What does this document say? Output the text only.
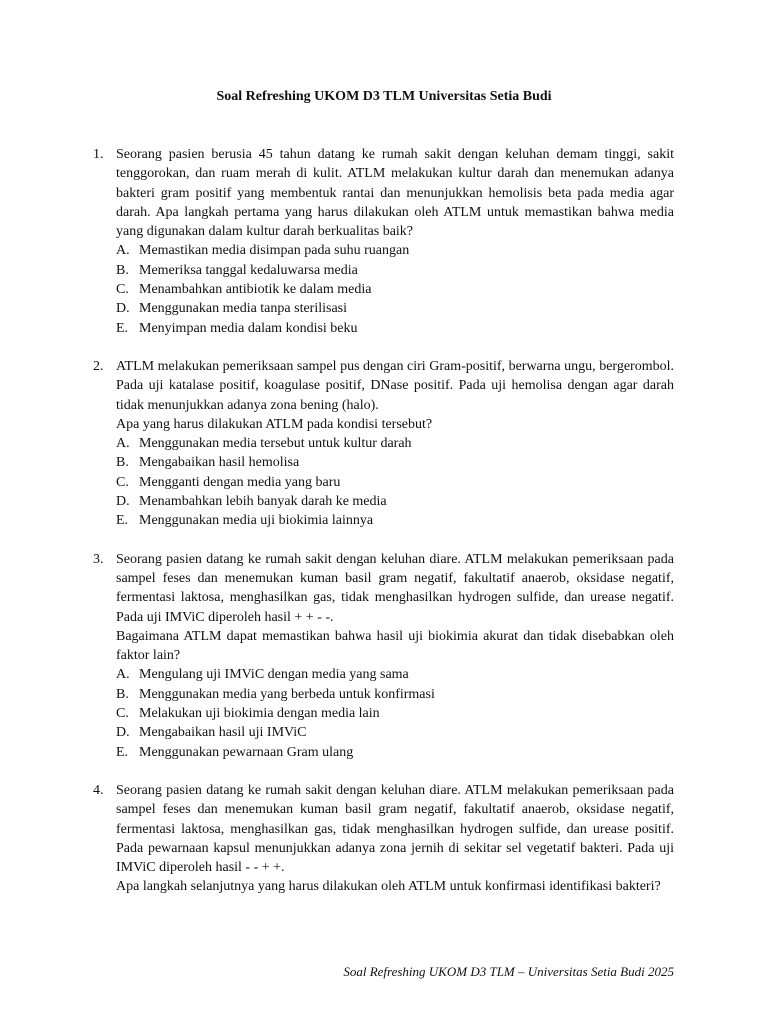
Soal Refreshing UKOM D3 TLM Universitas Setia Budi
1. Seorang pasien berusia 45 tahun datang ke rumah sakit dengan keluhan demam tinggi, sakit tenggorokan, dan ruam merah di kulit. ATLM melakukan kultur darah dan menemukan adanya bakteri gram positif yang membentuk rantai dan menunjukkan hemolisis beta pada media agar darah. Apa langkah pertama yang harus dilakukan oleh ATLM untuk memastikan bahwa media yang digunakan dalam kultur darah berkualitas baik?
A. Memastikan media disimpan pada suhu ruangan
B. Memeriksa tanggal kedaluwarsa media
C. Menambahkan antibiotik ke dalam media
D. Menggunakan media tanpa sterilisasi
E. Menyimpan media dalam kondisi beku
2. ATLM melakukan pemeriksaan sampel pus dengan ciri Gram-positif, berwarna ungu, bergerombol. Pada uji katalase positif, koagulase positif, DNase positif. Pada uji hemolisa dengan agar darah tidak menunjukkan adanya zona bening (halo).
Apa yang harus dilakukan ATLM pada kondisi tersebut?
A. Menggunakan media tersebut untuk kultur darah
B. Mengabaikan hasil hemolisa
C. Mengganti dengan media yang baru
D. Menambahkan lebih banyak darah ke media
E. Menggunakan media uji biokimia lainnya
3. Seorang pasien datang ke rumah sakit dengan keluhan diare. ATLM melakukan pemeriksaan pada sampel feses dan menemukan kuman basil gram negatif, fakultatif anaerob, oksidase negatif, fermentasi laktosa, menghasilkan gas, tidak menghasilkan hydrogen sulfide, dan urease negatif. Pada uji IMViC diperoleh hasil + + - -.
Bagaimana ATLM dapat memastikan bahwa hasil uji biokimia akurat dan tidak disebabkan oleh faktor lain?
A. Mengulang uji IMViC dengan media yang sama
B. Menggunakan media yang berbeda untuk konfirmasi
C. Melakukan uji biokimia dengan media lain
D. Mengabaikan hasil uji IMViC
E. Menggunakan pewarnaan Gram ulang
4. Seorang pasien datang ke rumah sakit dengan keluhan diare. ATLM melakukan pemeriksaan pada sampel feses dan menemukan kuman basil gram negatif, fakultatif anaerob, oksidase negatif, fermentasi laktosa, menghasilkan gas, tidak menghasilkan hydrogen sulfide, dan urease positif. Pada pewarnaan kapsul menunjukkan adanya zona jernih di sekitar sel vegetatif bakteri. Pada uji IMViC diperoleh hasil - - + +.
Apa langkah selanjutnya yang harus dilakukan oleh ATLM untuk konfirmasi identifikasi bakteri?
Soal Refreshing UKOM D3 TLM – Universitas Setia Budi 2025
